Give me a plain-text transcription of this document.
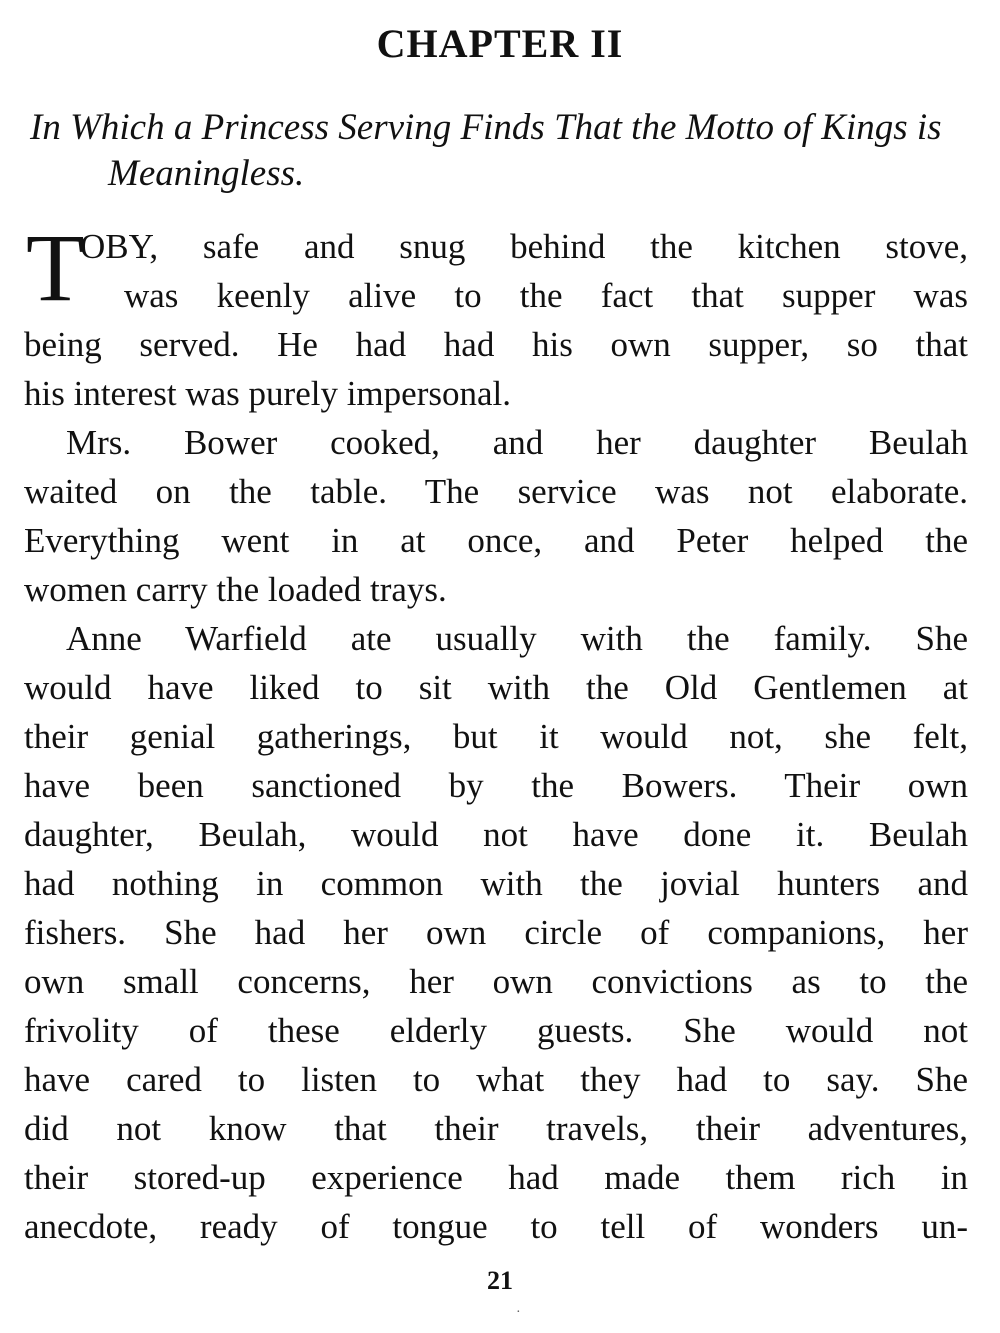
CHAPTER II
In Which a Princess Serving Finds That the Motto of Kings is Meaningless.

T
OBY, safe and snug behind the kitchen stove,
was keenly alive to the fact that supper was
being served. He had had his own supper, so that
his interest was purely impersonal.

Mrs. Bower cooked, and her daughter Beulah
waited on the table. The service was not elaborate.
Everything went in at once, and Peter helped the
women carry the loaded trays.

Anne Warfield ate usually with the family. She
would have liked to sit with the Old Gentlemen at
their genial gatherings, but it would not, she felt,
have been sanctioned by the Bowers. Their own
daughter, Beulah, would not have done it. Beulah
had nothing in common with the jovial hunters and
fishers. She had her own circle of companions, her
own small concerns, her own convictions as to the
frivolity of these elderly guests. She would not
have cared to listen to what they had to say. She
did not know that their travels, their adventures,
their stored-up experience had made them rich in
anecdote, ready of tongue to tell of wonders un-

21
·
